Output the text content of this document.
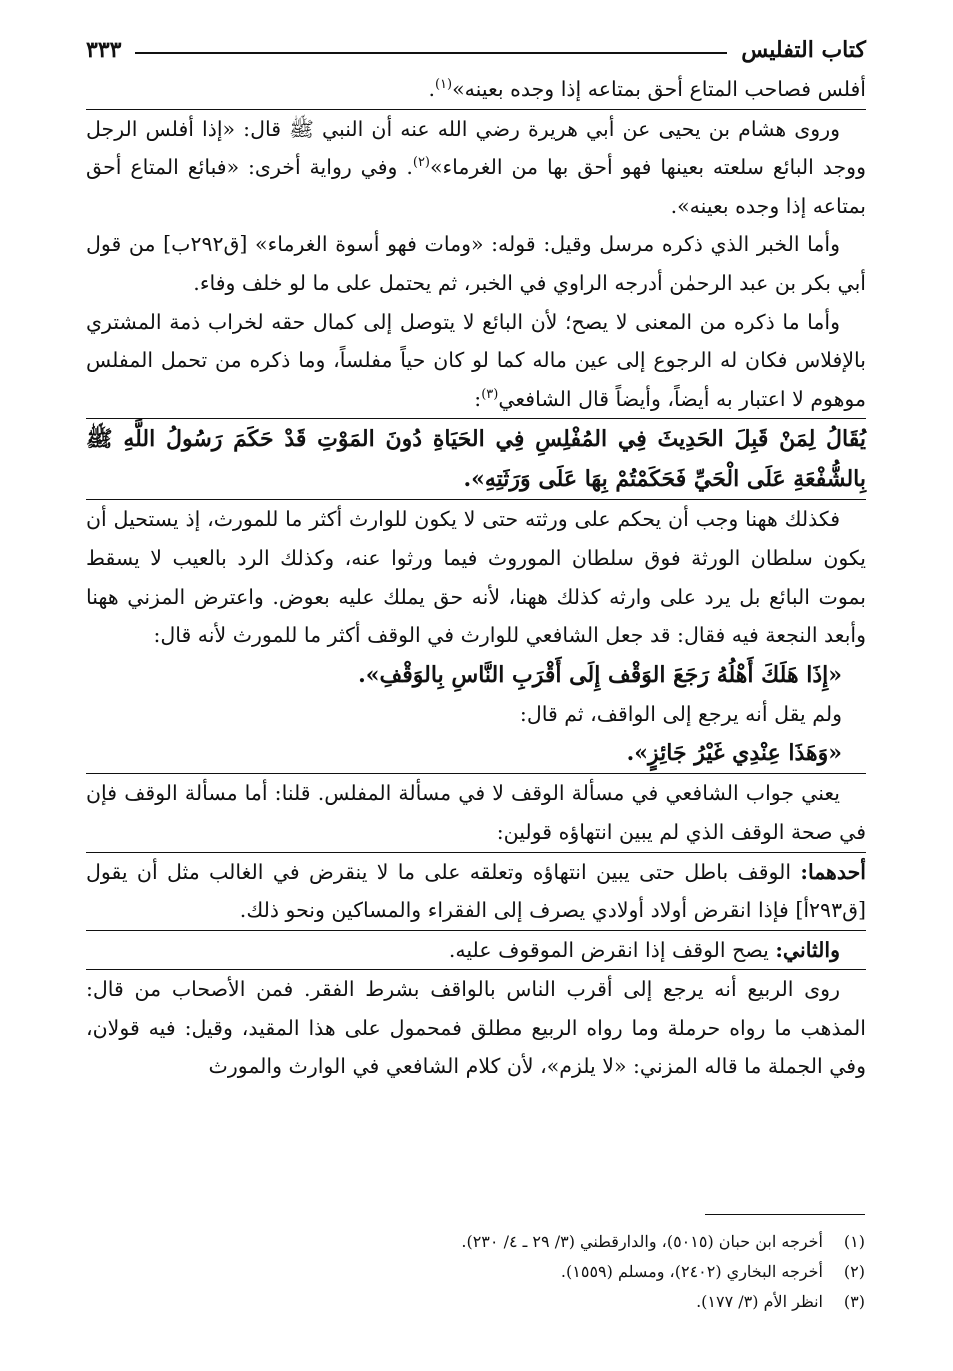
كتاب التفليس
٣٣٣

أفلس فصاحب المتاع أحق بمتاعه إذا وجده بعينه»$^{(١)}$.

وروى هشام بن يحيى عن أبي هريرة رضي الله عنه أن النبي ﷺ قال: «إذا أفلس الرجل ووجد البائع سلعته بعينها فهو أحق بها من الغرماء»$^{(٢)}$. وفي رواية أخرى: «فبائع المتاع أحق بمتاعه إذا وجده بعينه».

وأما الخبر الذي ذكره مرسل وقيل: قوله: «ومات فهو أسوة الغرماء» [ق٢٩٢ب] من قول أبي بكر بن عبد الرحمٰن أدرجه الراوي في الخبر، ثم يحتمل على ما لو خلف وفاء.

وأما ما ذكره من المعنى لا يصح؛ لأن البائع لا يتوصل إلى كمال حقه لخراب ذمة المشتري بالإفلاس فكان له الرجوع إلى عين ماله كما لو كان حياً مفلساً، وما ذكره من تحمل المفلس موهوم لا اعتبار به أيضاً، وأيضاً قال الشافعي$^{(٣)}$:

يُقَالُ لِمَنْ قَبِلَ الحَدِيثَ فِي المُفْلِسِ فِي الحَيَاةِ دُونَ المَوْتِ قَدْ حَكَمَ رَسُولُ اللَّهِ ﷺ بِالشُّفْعَةِ عَلَى الْحَيِّ فَحَكَمْتُمْ بِهَا عَلَى وَرَثَتِهِ».

فكذلك ههنا وجب أن يحكم على ورثته حتى لا يكون للوارث أكثر ما للمورث، إذ يستحيل أن يكون سلطان الورثة فوق سلطان الموروث فيما ورثوا عنه، وكذلك الرد بالعيب لا يسقط بموت البائع بل يرد على وارثه كذلك ههنا، لأنه حق يملك عليه بعوض. واعترض المزني ههنا وأبعد النجعة فيه فقال: قد جعل الشافعي للوارث في الوقف أكثر ما للمورث لأنه قال:

«إِذَا هَلَكَ أَهْلُهُ رَجَعَ الوَقْف إِلَى أَقْرَبِ النَّاسِ بِالوَقْفِ».

ولم يقل أنه يرجع إلى الواقف، ثم قال:

«وَهَذَا عِنْدِي غَيْرُ جَائِزٍ».

يعني جواب الشافعي في مسألة الوقف لا في مسألة المفلس. قلنا: أما مسألة الوقف فإن في صحة الوقف الذي لم يبين انتهاؤه قولين:

أحدهما: الوقف باطل حتى يبين انتهاؤه وتعلقه على ما لا ينقرض في الغالب مثل أن يقول [ق٢٩٣أ] فإذا انقرض أولاد أولادي يصرف إلى الفقراء والمساكين ونحو ذلك.

والثاني: يصح الوقف إذا انقرض الموقوف عليه.

روى الربيع أنه يرجع إلى أقرب الناس بالواقف بشرط الفقر. فمن الأصحاب من قال: المذهب ما رواه حرملة وما رواه الربيع مطلق فمحمول على هذا المقيد، وقيل: فيه قولان، وفي الجملة ما قاله المزني: «لا يلزم»، لأن كلام الشافعي في الوارث والمورث

(١)
أخرجه ابن حبان (٥٠١٥)، والدارقطني (٣/ ٢٩ ـ ٤/ ٢٣٠).
(٢)
أخرجه البخاري (٢٤٠٢)، ومسلم (١٥٥٩).
(٣)
انظر الأم (٣/ ١٧٧).
